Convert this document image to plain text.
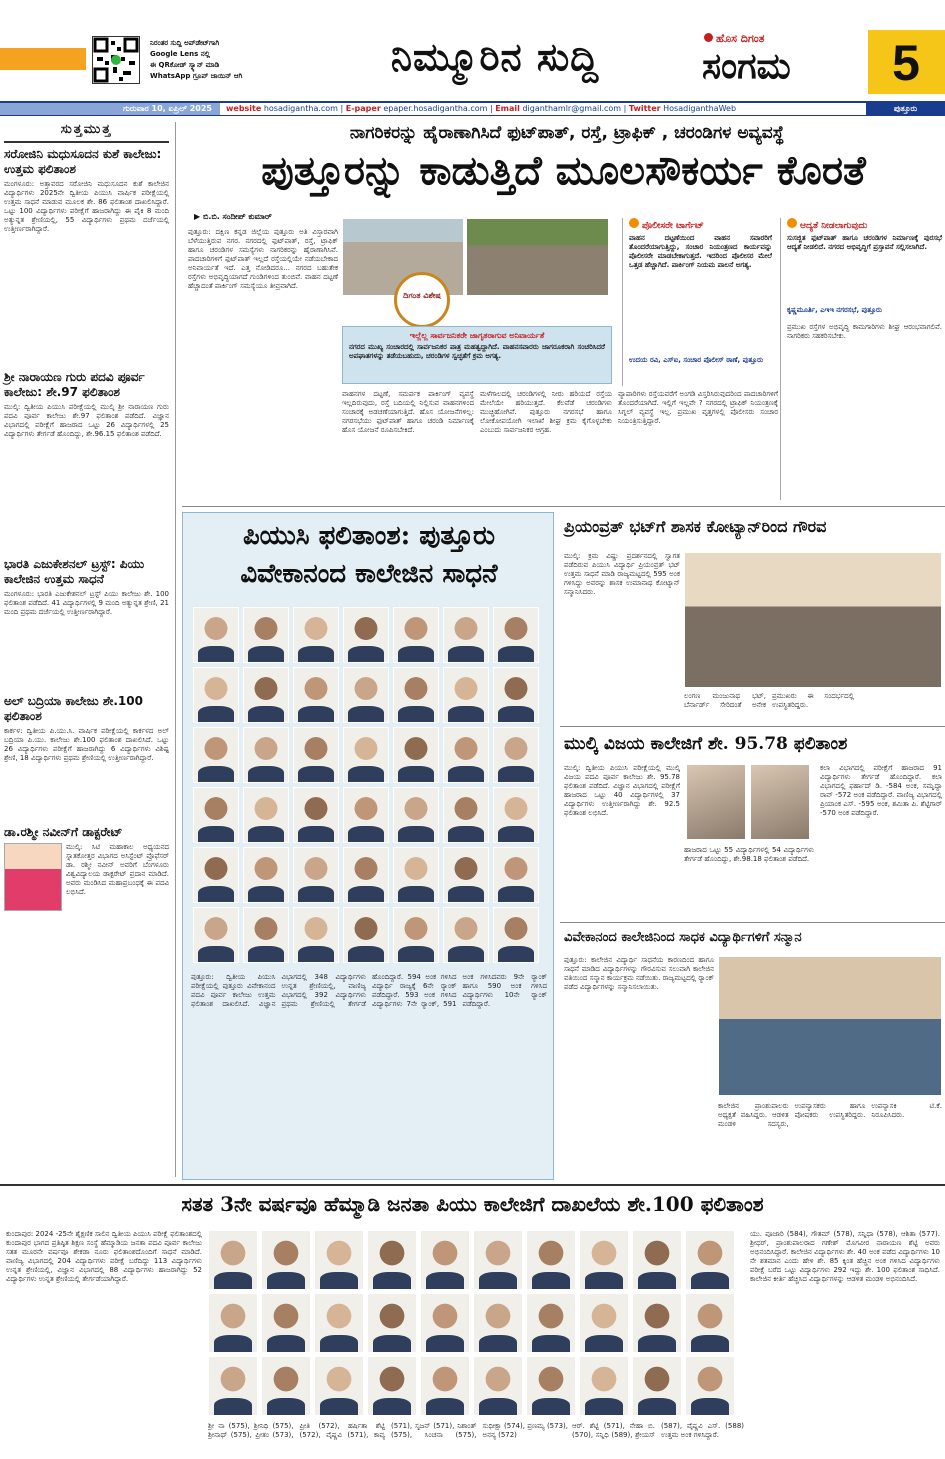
ನಿರಂತರ ಸುದ್ದಿ ಅಪ್‌ಡೇಟ್‌ಗಾಗಿ
Google Lens ನಲ್ಲಿ
ಈ QRಕೋಡ್ ಸ್ಕ್ಯಾನ್ ಮಾಡಿ
WhatsApp ಗ್ರೂಪ್ ಜಾಯಿನ್ ಆಗಿ	ನಿಮ್ಮೂರಿನ ಸುದ್ದಿ	ಹೊಸ ದಿಗಂತ
ಸಂಗಮ	5
ಗುರುವಾರ 10, ಏಪ್ರಿಲ್ 2025	website hosadigantha.com | E-paper epaper.hosadigantha.com | Email diganthamlr@gmail.com | Twitter HosadiganthaWeb	ಪುತ್ತೂರು
ಸುತ್ತಮುತ್ತ
ಸರೋಜಿನಿ ಮಧುಸೂದನ ಕುಶೆ ಕಾಲೇಜು: ಉತ್ತಮ ಫಲಿತಾಂಶ
ಮಂಗಳೂರು: ಅತ್ತಾವರದ ಸರೋಜಿನಿ ಮಧುಸೂದನ ಕುಶೆ ಕಾಲೇಜಿನ ವಿದ್ಯಾರ್ಥಿಗಳು 2025ನೇ ದ್ವಿತೀಯ ಪಿಯುಸಿ ವಾರ್ಷಿಕ ಪರೀಕ್ಷೆಯಲ್ಲಿ ಉತ್ತಮ ಸಾಧನೆ ಮಾಡುವ ಮೂಲಕ ಶೇ. 86 ಫಲಿತಾಂಶ ದಾಖಲಿಸಿದ್ದಾರೆ. ಒಟ್ಟು 100 ವಿದ್ಯಾರ್ಥಿಗಳು ಪರೀಕ್ಷೆಗೆ ಹಾಜರಾಗಿದ್ದು ಈ ಪೈಕಿ 8 ಮಂದಿ ಅತ್ಯುನ್ನತ ಶ್ರೇಣಿಯಲ್ಲಿ, 55 ವಿದ್ಯಾರ್ಥಿಗಳು ಪ್ರಥಮ ದರ್ಜೆಯಲ್ಲಿ ಉತ್ತೀರ್ಣರಾಗಿದ್ದಾರೆ.
ಶ್ರೀ ನಾರಾಯಣ ಗುರು ಪದವಿ ಪೂರ್ವ ಕಾಲೇಜು: ಶೇ.97 ಫಲಿತಾಂಶ
ಮುಲ್ಕಿ: ದ್ವಿತೀಯ ಪಿಯುಸಿ ಪರೀಕ್ಷೆಯಲ್ಲಿ ಮುಲ್ಕಿ ಶ್ರೀ ನಾರಾಯಣ ಗುರು ಪದವಿ ಪೂರ್ವ ಕಾಲೇಜು ಶೇ.97 ಫಲಿತಾಂಶ ಪಡೆದಿದೆ. ವಿಜ್ಞಾನ ವಿಭಾಗದಲ್ಲಿ ಪರೀಕ್ಷೆಗೆ ಹಾಜರಾದ ಒಟ್ಟು 26 ವಿದ್ಯಾರ್ಥಿಗಳಲ್ಲಿ 25 ವಿದ್ಯಾರ್ಥಿಗಳು ತೇರ್ಗಡೆ ಹೊಂದಿದ್ದು, ಶೇ.96.15 ಫಲಿತಾಂಶ ಪಡೆದಿದೆ.
ಭಾರತಿ ಎಜುಕೇಶನಲ್ ಟ್ರಸ್ಟ್: ಪಿಯು ಕಾಲೇಜಿನ ಉತ್ತಮ ಸಾಧನೆ
ಮಂಗಳೂರು: ಭಾರತಿ ಎಜುಕೇಶನಲ್ ಟ್ರಸ್ಟ್ ಪಿಯು ಕಾಲೇಜು ಶೇ. 100 ಫಲಿತಾಂಶ ಪಡೆದಿದೆ. 41 ವಿದ್ಯಾರ್ಥಿಗಳಲ್ಲಿ 9 ಮಂದಿ ಅತ್ಯುನ್ನತ ಶ್ರೇಣಿ, 21 ಮಂದಿ ಪ್ರಥಮ ದರ್ಜೆಯಲ್ಲಿ ಉತ್ತೀರ್ಣರಾಗಿದ್ದಾರೆ.
ಅಲ್ ಬದ್ರಿಯಾ ಕಾಲೇಜು ಶೇ.100 ಫಲಿತಾಂಶ
ಕಾರ್ಕಳ: ದ್ವಿತೀಯ ಪಿ.ಯು.ಸಿ. ವಾರ್ಷಿಕ ಪರೀಕ್ಷೆಯಲ್ಲಿ ಕಾರ್ಕಳದ ಅಲ್ ಬದ್ರಿಯಾ ಪಿ.ಯು. ಕಾಲೇಜು ಶೇ.100 ಫಲಿತಾಂಶ ದಾಖಲಿಸಿದೆ. ಒಟ್ಟು 26 ವಿದ್ಯಾರ್ಥಿಗಳು ಪರೀಕ್ಷೆಗೆ ಹಾಜರಾಗಿದ್ದು 6 ವಿದ್ಯಾರ್ಥಿಗಳು ವಿಶಿಷ್ಟ ಶ್ರೇಣಿ, 18 ವಿದ್ಯಾರ್ಥಿಗಳು ಪ್ರಥಮ ಶ್ರೇಣಿಯಲ್ಲಿ ಉತ್ತೀರ್ಣರಾಗಿದ್ದಾರೆ.
ಡಾ.ರಶ್ಮೀ ನವೀನ್‌ಗೆ ಡಾಕ್ಟರೇಟ್
ಮುಲ್ಕಿ: ಸಿಟಿ ಮಹಾಕಾಲ ಅಧ್ಯಯನದ ಸ್ನಾತಕೋತ್ತರ ವಿಭಾಗದ ಅಸಿಸ್ಟೆಂಟ್ ಪ್ರೊಫೆಸರ್ ಡಾ. ರಶ್ಮೀ ನವೀನ್ ಅವರಿಗೆ ಬೆಂಗಳೂರು ವಿಶ್ವವಿದ್ಯಾಲಯ ಡಾಕ್ಟರೇಟ್ ಪ್ರದಾನ ಮಾಡಿದೆ. ಅವರು ಮಂಡಿಸಿದ ಮಹಾಪ್ರಬಂಧಕ್ಕೆ ಈ ಪದವಿ ಲಭಿಸಿದೆ.
ನಾಗರಿಕರನ್ನು ಹೈರಾಣಾಗಿಸಿದೆ ಫುಟ್‌ಪಾತ್, ರಸ್ತೆ, ಟ್ರಾಫಿಕ್ , ಚರಂಡಿಗಳ ಅವ್ಯವಸ್ಥೆ
ಪುತ್ತೂರನ್ನು ಕಾಡುತ್ತಿದೆ ಮೂಲಸೌಕರ್ಯ ಕೊರತೆ
▶ ಬಿ.ಬಿ. ಸಂದೀಪ್ ಕುಮಾರ್
ದಿಗಂತ ವಿಶೇಷ
ಇಲ್ಲೆಲ್ಲ ಸಾರ್ವಜನಿಕರೇ ಜಾಗೃತರಾಗುವ ಅನಿವಾರ್ಯತೆ
ನಗರದ ಮುಖ್ಯ ಸಂಚಾರದಲ್ಲಿ ಸಾರ್ವಜನಿಕರ ಪಾತ್ರ ಮಹತ್ವದ್ದಾಗಿದೆ. ವಾಹನಸವಾರರು ಜಾಗರೂಕರಾಗಿ ಸಂಚರಿಸಿದರೆ ಅಪಘಾತಗಳನ್ನು ತಡೆಯಬಹುದು, ಚರಂಡಿಗಳ ಸ್ವಚ್ಛತೆಗೆ ಕ್ರಮ ಅಗತ್ಯ.
ಪುತ್ತೂರು: ದಕ್ಷಿಣ ಕನ್ನಡ ಜಿಲ್ಲೆಯ ಪುತ್ತೂರು ಅತಿ ವಿಸ್ತಾರವಾಗಿ ಬೆಳೆಯುತ್ತಿರುವ ನಗರ. ನಗರದಲ್ಲಿ ಫುಟ್‌ಪಾತ್, ರಸ್ತೆ, ಟ್ರಾಫಿಕ್ ಹಾಗೂ ಚರಂಡಿಗಳ ಸಮಸ್ಯೆಗಳು ನಾಗರಿಕರನ್ನು ಹೈರಾಣಾಗಿಸಿವೆ. ಪಾದಚಾರಿಗಳಿಗೆ ಫುಟ್‌ಪಾತ್ ಇಲ್ಲದೆ ರಸ್ತೆಯಲ್ಲಿಯೇ ನಡೆಯಬೇಕಾದ ಅನಿವಾರ್ಯತೆ ಇದೆ. ಎತ್ತ ನೋಡಿದರೂ... ನಗರದ ಬಹುತೇಕ ರಸ್ತೆಗಳು ಅಭಿವೃದ್ಧಿಯಾಗದೆ ಗುಂಡಿಗಳಿಂದ ತುಂಬಿವೆ. ವಾಹನ ದಟ್ಟಣೆ ಹೆಚ್ಚಾದಂತೆ ಪಾರ್ಕಿಂಗ್ ಸಮಸ್ಯೆಯೂ ತೀವ್ರವಾಗಿದೆ.
ವಾಹನಗಳ ದಟ್ಟಣೆ, ಸಮರ್ಪಕ ಪಾರ್ಕಿಂಗ್ ವ್ಯವಸ್ಥೆ ಇಲ್ಲದಿರುವುದು, ರಸ್ತೆ ಬದಿಯಲ್ಲಿ ನಿಲ್ಲಿಸುವ ವಾಹನಗಳಿಂದ ಸಂಚಾರಕ್ಕೆ ಅಡಚಣೆಯಾಗುತ್ತಿದೆ. ಹೊಸ ಯೋಜನೆಗಳಿಲ್ಲ: ನಗರಸಭೆಯು ಫುಟ್‌ಪಾತ್ ಹಾಗೂ ಚರಂಡಿ ನಿರ್ಮಾಣಕ್ಕೆ ಹೊಸ ಯೋಜನೆ ರೂಪಿಸಬೇಕಿದೆ.
ಮಳೆಗಾಲದಲ್ಲಿ ಚರಂಡಿಗಳಲ್ಲಿ ನೀರು ಹರಿಯದೆ ರಸ್ತೆಯ ಮೇಲೆಯೇ ಹರಿಯುತ್ತದೆ. ಕೆಲವೆಡೆ ಚರಂಡಿಗಳು ಮುಚ್ಚಿಹೋಗಿವೆ. ಪುತ್ತೂರು ನಗರಸಭೆ ಹಾಗೂ ಲೋಕೋಪಯೋಗಿ ಇಲಾಖೆ ಶೀಘ್ರ ಕ್ರಮ ಕೈಗೊಳ್ಳಬೇಕು ಎಂಬುದು ಸಾರ್ವಜನಿಕರ ಆಗ್ರಹ.
ವ್ಯಾಪಾರಿಗಳು ರಸ್ತೆಯವರೆಗೆ ಅಂಗಡಿ ವಿಸ್ತರಿಸಿರುವುದರಿಂದ ಪಾದಚಾರಿಗಳಿಗೆ ತೊಂದರೆಯಾಗಿದೆ. ಇಲ್ಲಿಗೆ ಇಲ್ಲವೇ ? ನಗರದಲ್ಲಿ ಟ್ರಾಫಿಕ್ ನಿಯಂತ್ರಣಕ್ಕೆ ಸಿಗ್ನಲ್ ವ್ಯವಸ್ಥೆ ಇಲ್ಲ. ಪ್ರಮುಖ ವೃತ್ತಗಳಲ್ಲಿ ಪೊಲೀಸರು ಸಂಚಾರ ನಿಯಂತ್ರಿಸುತ್ತಿದ್ದಾರೆ.
ಪೊಲೀಸರೇ ಟಾರ್ಗೆಟ್
ವಾಹನ ದಟ್ಟಣೆಯಿಂದ ವಾಹನ ಸವಾರರಿಗೆ ತೊಂದರೆಯಾಗುತ್ತಿದ್ದು, ಸಂಚಾರ ನಿಯಂತ್ರಣದ ಕಾರ್ಯವನ್ನು ಪೊಲೀಸರೇ ಮಾಡಬೇಕಾಗುತ್ತದೆ. ಇದರಿಂದ ಪೊಲೀಸರ ಮೇಲೆ ಒತ್ತಡ ಹೆಚ್ಚಾಗಿದೆ. ಪಾರ್ಕಿಂಗ್ ನಿಯಮ ಪಾಲನೆ ಅಗತ್ಯ.
ಉದಯ ರವಿ, ಎಸ್ಐ, ಸಂಚಾರ ಪೊಲೀಸ್ ಠಾಣೆ, ಪುತ್ತೂರು
ಆದ್ಯತೆ ನೀಡಲಾಗುವುದು
ಸುಸಜ್ಜಿತ ಫುಟ್‌ಪಾತ್ ಹಾಗೂ ಚರಂಡಿಗಳ ನಿರ್ಮಾಣಕ್ಕೆ ಪುರಸಭೆ ಆದ್ಯತೆ ನೀಡಲಿದೆ. ನಗರದ ಅಭಿವೃದ್ಧಿಗೆ ಪ್ರಸ್ತಾವನೆ ಸಲ್ಲಿಸಲಾಗಿದೆ.
ಕೃಷ್ಣಮೂರ್ತಿ, ಎಇಇ ನಗರಸಭೆ, ಪುತ್ತೂರು
ಪ್ರಮುಖ ರಸ್ತೆಗಳ ಅಭಿವೃದ್ಧಿ ಕಾಮಗಾರಿಗಳು ಶೀಘ್ರ ಆರಂಭವಾಗಲಿವೆ. ನಾಗರಿಕರು ಸಹಕರಿಸಬೇಕು.
ಪಿಯುಸಿ ಫಲಿತಾಂಶ: ಪುತ್ತೂರು
ವಿವೇಕಾನಂದ ಕಾಲೇಜಿನ ಸಾಧನೆ
ಪುತ್ತೂರು: ದ್ವಿತೀಯ ಪಿಯುಸಿ ಪರೀಕ್ಷೆಯಲ್ಲಿ ಪುತ್ತೂರು ವಿವೇಕಾನಂದ ಪದವಿ ಪೂರ್ವ ಕಾಲೇಜು ಉತ್ತಮ ಫಲಿತಾಂಶ ದಾಖಲಿಸಿದೆ. ವಿಜ್ಞಾನ ವಿಭಾಗದಲ್ಲಿ 348 ವಿದ್ಯಾರ್ಥಿಗಳು ಉನ್ನತ ಶ್ರೇಣಿಯಲ್ಲಿ, ವಾಣಿಜ್ಯ ವಿಭಾಗದಲ್ಲಿ 392 ವಿದ್ಯಾರ್ಥಿಗಳು ಪ್ರಥಮ ಶ್ರೇಣಿಯಲ್ಲಿ ತೇರ್ಗಡೆ ಹೊಂದಿದ್ದಾರೆ. 594 ಅಂಕ ಗಳಿಸಿದ ವಿದ್ಯಾರ್ಥಿ ರಾಜ್ಯಕ್ಕೆ 6ನೇ ರ್‍ಯಾಂಕ್ ಪಡೆದಿದ್ದಾರೆ. 593 ಅಂಕ ಗಳಿಸಿದ ವಿದ್ಯಾರ್ಥಿಗಳು 7ನೇ ರ್‍ಯಾಂಕ್, 591 ಅಂಕ ಗಳಿಸಿದವರು 9ನೇ ರ್‍ಯಾಂಕ್ ಹಾಗೂ 590 ಅಂಕ ಗಳಿಸಿದ ವಿದ್ಯಾರ್ಥಿಗಳು 10ನೇ ರ್‍ಯಾಂಕ್ ಪಡೆದಿದ್ದಾರೆ.
ಪ್ರಿಯಂವ್ರತ್ ಭಟ್‌ಗೆ ಶಾಸಕ ಕೋಟ್ಯಾನ್‌ರಿಂದ ಗೌರವ
ಮುಲ್ಕಿ: ಕ್ರಮ ವಿಷ್ಣು ಪ್ರದರ್ಶನದಲ್ಲಿ ಸ್ವಾಗತ ಪಡೆದಿರುವ ಪಿಯುಸಿ ವಿದ್ಯಾರ್ಥಿ ಪ್ರಿಯಂವ್ರತ್ ಭಟ್ ಉತ್ತಮ ಸಾಧನೆ ಮಾಡಿ ರಾಜ್ಯಮಟ್ಟದಲ್ಲಿ 595 ಅಂಕ ಗಳಿಸಿದ್ದು ಅವರನ್ನು ಶಾಸಕ ಉಮಾನಾಥ ಕೋಟ್ಯಾನ್ ಸನ್ಮಾನಿಸಿದರು.
ಲಂಗಣ ಮಂಜುನಾಥ ಭಟ್, ಬೆರ್ನಾರ್ಡ್ ಸೇರಿದಂತೆ ಅನೇಕ ಪ್ರಮುಖರು ಈ ಸಂದರ್ಭದಲ್ಲಿ ಉಪಸ್ಥಿತರಿದ್ದರು.
ಮುಲ್ಕಿ ವಿಜಯ ಕಾಲೇಜಿಗೆ ಶೇ. 95.78 ಫಲಿತಾಂಶ
ಮುಲ್ಕಿ: ದ್ವಿತೀಯ ಪಿಯುಸಿ ಪರೀಕ್ಷೆಯಲ್ಲಿ ಮುಲ್ಕಿ ವಿಜಯ ಪದವಿ ಪೂರ್ವ ಕಾಲೇಜು ಶೇ. 95.78 ಫಲಿತಾಂಶ ಪಡೆದಿದೆ. ವಿಜ್ಞಾನ ವಿಭಾಗದಲ್ಲಿ ಪರೀಕ್ಷೆಗೆ ಹಾಜರಾದ ಒಟ್ಟು 40 ವಿದ್ಯಾರ್ಥಿಗಳಲ್ಲಿ 37 ವಿದ್ಯಾರ್ಥಿಗಳು ಉತ್ತೀರ್ಣರಾಗಿದ್ದು ಶೇ. 92.5 ಫಲಿತಾಂಶ ಲಭಿಸಿದೆ.
ಹಾಜರಾದ ಒಟ್ಟು 55 ವಿದ್ಯಾರ್ಥಿಗಳಲ್ಲಿ 54 ವಿದ್ಯಾರ್ಥಿಗಳು ತೇರ್ಗಡೆ ಹೊಂದಿದ್ದು, ಶೇ.98.18 ಫಲಿತಾಂಶ ಪಡೆದಿದೆ.
ಕಲಾ ವಿಭಾಗದಲ್ಲಿ ಪರೀಕ್ಷೆಗೆ ಹಾಜರಾದ 91 ವಿದ್ಯಾರ್ಥಿಗಳು ತೇರ್ಗಡೆ ಹೊಂದಿದ್ದಾರೆ. ಕಲಾ ವಿಭಾಗದಲ್ಲಿ ಫರ್ಹಾದ್ ಡಿ. -584 ಅಂಕ, ಸಮೃದ್ಧಾ ರಾವ್ -572 ಅಂಕ ಪಡೆದಿದ್ದಾರೆ. ವಾಣಿಜ್ಯ ವಿಭಾಗದಲ್ಲಿ ಪ್ರಿಯಾಂಕ ಎಸ್. -595 ಅಂಕ, ಶಮಿತಾ ಪಿ. ಶೆಟ್ಟಿಗಾರ್ -570 ಅಂಕ ಪಡೆದಿದ್ದಾರೆ.
ವಿವೇಕಾನಂದ ಕಾಲೇಜಿನಿಂದ ಸಾಧಕ ವಿದ್ಯಾರ್ಥಿಗಳಿಗೆ ಸನ್ಮಾನ
ಪುತ್ತೂರು: ಕಾಲೇಜಿನ ವಿದ್ಯಾರ್ಥಿ ಸಾಧನೆಯ ಕಾರಣದಿಂದ ಹಾಗೂ ಸಾಧನೆ ಮಾಡಿದ ವಿದ್ಯಾರ್ಥಿಗಳನ್ನು ಗೌರವಿಸುವ ಸಲುವಾಗಿ ಕಾಲೇಜಿನ ವತಿಯಿಂದ ಸನ್ಮಾನ ಕಾರ್ಯಕ್ರಮ ನಡೆಯಿತು. ರಾಜ್ಯಮಟ್ಟದಲ್ಲಿ ರ್‍ಯಾಂಕ್ ಪಡೆದ ವಿದ್ಯಾರ್ಥಿಗಳನ್ನು ಸನ್ಮಾನಿಸಲಾಯಿತು.
ಕಾಲೇಜಿನ ಪ್ರಾಂಶುಪಾಲರು ಅಧ್ಯಕ್ಷತೆ ವಹಿಸಿದ್ದರು. ಆಡಳಿತ ಮಂಡಳಿ ಸದಸ್ಯರು, ಉಪನ್ಯಾಸಕರು ಹಾಗೂ ಪೋಷಕರು ಉಪಸ್ಥಿತರಿದ್ದರು. ಉಪನ್ಯಾಸಕಿ ಟಿ.ಕೆ. ನಿರೂಪಿಸಿದರು.
ಸತತ 3ನೇ ವರ್ಷವೂ ಹೆಮ್ಮಾಡಿ ಜನತಾ ಪಿಯು ಕಾಲೇಜಿಗೆ ದಾಖಲೆಯ ಶೇ.100 ಫಲಿತಾಂಶ
ಕುಂದಾಪುರ: 2024 -25ನೇ ಶೈಕ್ಷಣಿಕ ಸಾಲಿನ ದ್ವಿತೀಯ ಪಿಯುಸಿ ಪರೀಕ್ಷೆ ಫಲಿತಾಂಶದಲ್ಲಿ ಕುಂದಾಪುರ ಭಾಗದ ಪ್ರತಿಷ್ಠಿತ ಶಿಕ್ಷಣ ಸಂಸ್ಥೆ ಹೆಮ್ಮಾಡಿಯ ಜನತಾ ಪದವಿ ಪೂರ್ವ ಕಾಲೇಜು ಸತತ ಮೂರನೇ ವರ್ಷವೂ ಶೇಕಡಾ ನೂರು ಫಲಿತಾಂಶದೊಂದಿಗೆ ಸಾಧನೆ ಮಾಡಿದೆ. ವಾಣಿಜ್ಯ ವಿಭಾಗದಲ್ಲಿ 204 ವಿದ್ಯಾರ್ಥಿಗಳು ಪರೀಕ್ಷೆ ಬರೆದಿದ್ದು 113 ವಿದ್ಯಾರ್ಥಿಗಳು ಉನ್ನತ ಶ್ರೇಣಿಯಲ್ಲಿ, ವಿಜ್ಞಾನ ವಿಭಾಗದಲ್ಲಿ 88 ವಿದ್ಯಾರ್ಥಿಗಳು ಹಾಜರಾಗಿದ್ದು 52 ವಿದ್ಯಾರ್ಥಿಗಳು ಉನ್ನತ ಶ್ರೇಣಿಯಲ್ಲಿ ತೇರ್ಗಡೆಯಾಗಿದ್ದಾರೆ.
ಶ್ರೀ ನಾ (575), ಶ್ರೀನಿಧಿ (575), ಶ್ರೀನಾಥ್ (575), ಪ್ರೀತಂ (573), ಪ್ರೀತಿ (572), ಹರ್ಷಿತಾ ಶೆಟ್ಟಿ (572), ವೈಷ್ಣವಿ (571), ಕಾವ್ಯ (571), ಸೃಜನ್ (571), ನಿಶಾಂತ್ (575), ಸಿಂಚನಾ (575), ಸುಧೀಕ್ಷಾ (574), ಪ್ರಣಮ್ಯ (573), ಅನನ್ಯ (572)
ಆರ್. ಶೆಟ್ಟಿ (571), ನೇಹಾ ಬಿ. (570), ಸನ್ನಿಧಿ (589), ಶ್ರೇಯಸ್ (587), ವೈಷ್ಣವಿ ಎಸ್. (588) ಉತ್ತಮ ಅಂಕ ಗಳಿಸಿದ್ದಾರೆ.
ಯು. ಪೂಜಾರಿ (584), ಗೌತಮ್ (578), ಸನ್ನಿಧಾ (578), ಆಶಿತಾ (577). ಶ್ರೀಧರ್, ಪ್ರಾಂಶುಪಾಲರಾದ ಗಣೇಶ್ ಮೊಗವೀರ ನಾರಾಯಣ ಶೆಟ್ಟಿ ಅವರು ಅಭಿನಂದಿಸಿದ್ದಾರೆ. ಕಾಲೇಜಿನ ವಿದ್ಯಾರ್ಥಿಗಳು ಶೇ. 40 ಅಂಕ ಪಡೆದ ವಿದ್ಯಾರ್ಥಿಗಳು 10 ನೇ ಶತಮಾನ ಎಂದು ಹೇಳಿ ಶೇ. 85 ಕ್ಕಿಂತ ಹೆಚ್ಚಿನ ಅಂಕ ಗಳಿಸಿದ ವಿದ್ಯಾರ್ಥಿಗಳು ಪರೀಕ್ಷೆ ಬರೆದ ಒಟ್ಟು ವಿದ್ಯಾರ್ಥಿಗಳು 292 ಇದ್ದು ಶೇ. 100 ಫಲಿತಾಂಶ ಸಾಧಿಸಿದೆ. ಕಾಲೇಜಿನ ಕೀರ್ತಿ ಹೆಚ್ಚಿಸಿದ ವಿದ್ಯಾರ್ಥಿಗಳನ್ನು ಆಡಳಿತ ಮಂಡಳಿ ಅಭಿನಂದಿಸಿದೆ.
